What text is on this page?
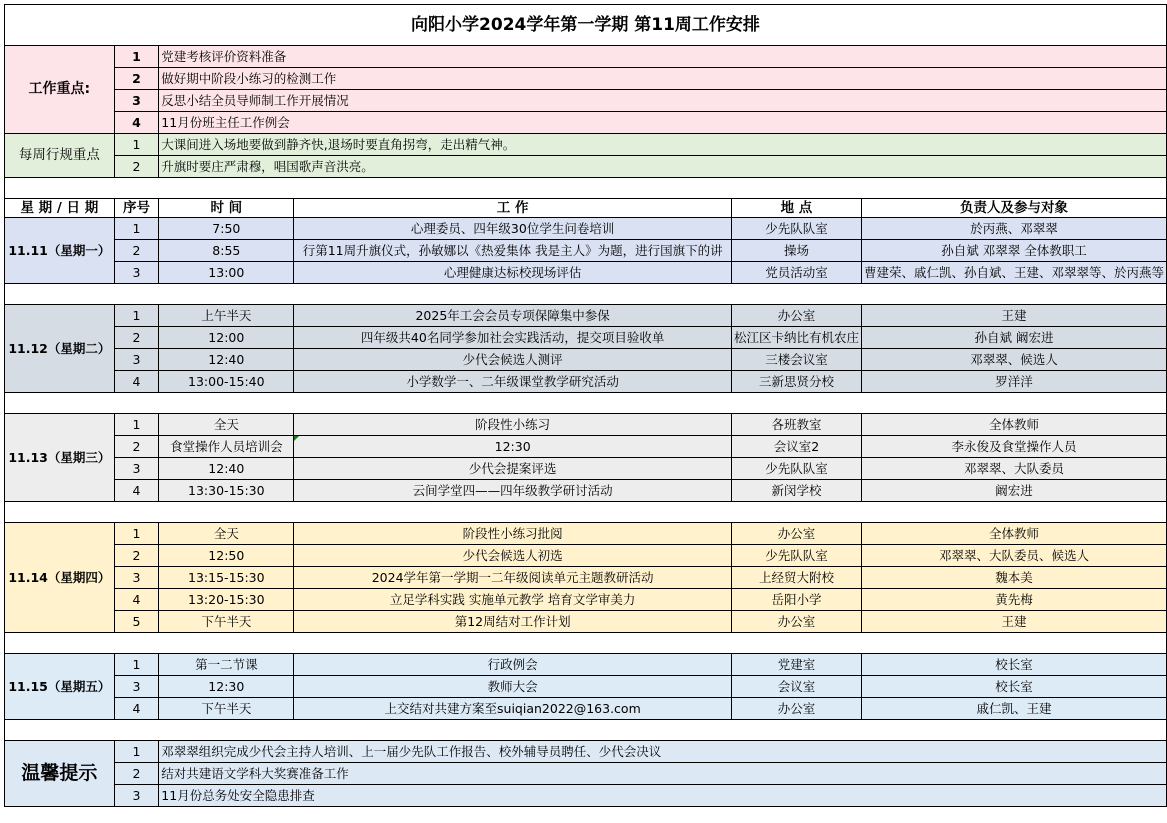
向阳小学2024学年第一学期 第11周工作安排					
工作重点:	1	党建考核评价资料准备			
	2	做好期中阶段小练习的检测工作			
	3	反思小结全员导师制工作开展情况			
	4	11月份班主任工作例会			
每周行规重点	1	大课间进入场地要做到静齐快,退场时要直角拐弯，走出精气神。			
	2	升旗时要庄严肃穆，唱国歌声音洪亮。			

星 期 / 日 期	序号	时 间	工 作	地 点	负责人及参与对象
11.11（星期一）	1	7:50	心理委员、四年级30位学生问卷培训	少先队队室	於丙燕、邓翠翠
	2	8:55	行第11周升旗仪式，孙敏娜以《热爱集体 我是主人》为题，进行国旗下的讲	操场	孙自斌 邓翠翠 全体教职工
	3	13:00	心理健康达标校现场评估	党员活动室	曹建荣、戚仁凯、孙自斌、王建、邓翠翠等、於丙燕等

11.12（星期二）	1	上午半天	2025年工会会员专项保障集中参保	办公室	王建
	2	12:00	四年级共40名同学参加社会实践活动，提交项目验收单	松江区卡纳比有机农庄	孙自斌 阚宏进
	3	12:40	少代会候选人测评	三楼会议室	邓翠翠、候选人
	4	13:00-15:40	小学数学一、二年级课堂教学研究活动	三新思贤分校	罗洋洋

11.13（星期三）	1	全天	阶段性小练习	各班教室	全体教师
	2	食堂操作人员培训会	12:30	会议室2	李永俊及食堂操作人员
	3	12:40	少代会提案评选	少先队队室	邓翠翠、大队委员
	4	13:30-15:30	云间学堂四——四年级教学研讨活动	新闵学校	阚宏进

11.14（星期四）	1	全天	阶段性小练习批阅	办公室	全体教师
	2	12:50	少代会候选人初选	少先队队室	邓翠翠、大队委员、候选人
	3	13:15-15:30	2024学年第一学期一二年级阅读单元主题教研活动	上经贸大附校	魏本美
	4	13:20-15:30	立足学科实践 实施单元教学 培育文学审美力	岳阳小学	黄先梅
	5	下午半天	第12周结对工作计划	办公室	王建

11.15（星期五）	1	第一二节课	行政例会	党建室	校长室
	3	12:30	教师大会	会议室	校长室
	4	下午半天	上交结对共建方案至suiqian2022@163.com	办公室	戚仁凯、王建

温馨提示	1	邓翠翠组织完成少代会主持人培训、上一届少先队工作报告、校外辅导员聘任、少代会决议			
	2	结对共建语文学科大奖赛准备工作			
	3	11月份总务处安全隐患排查			
